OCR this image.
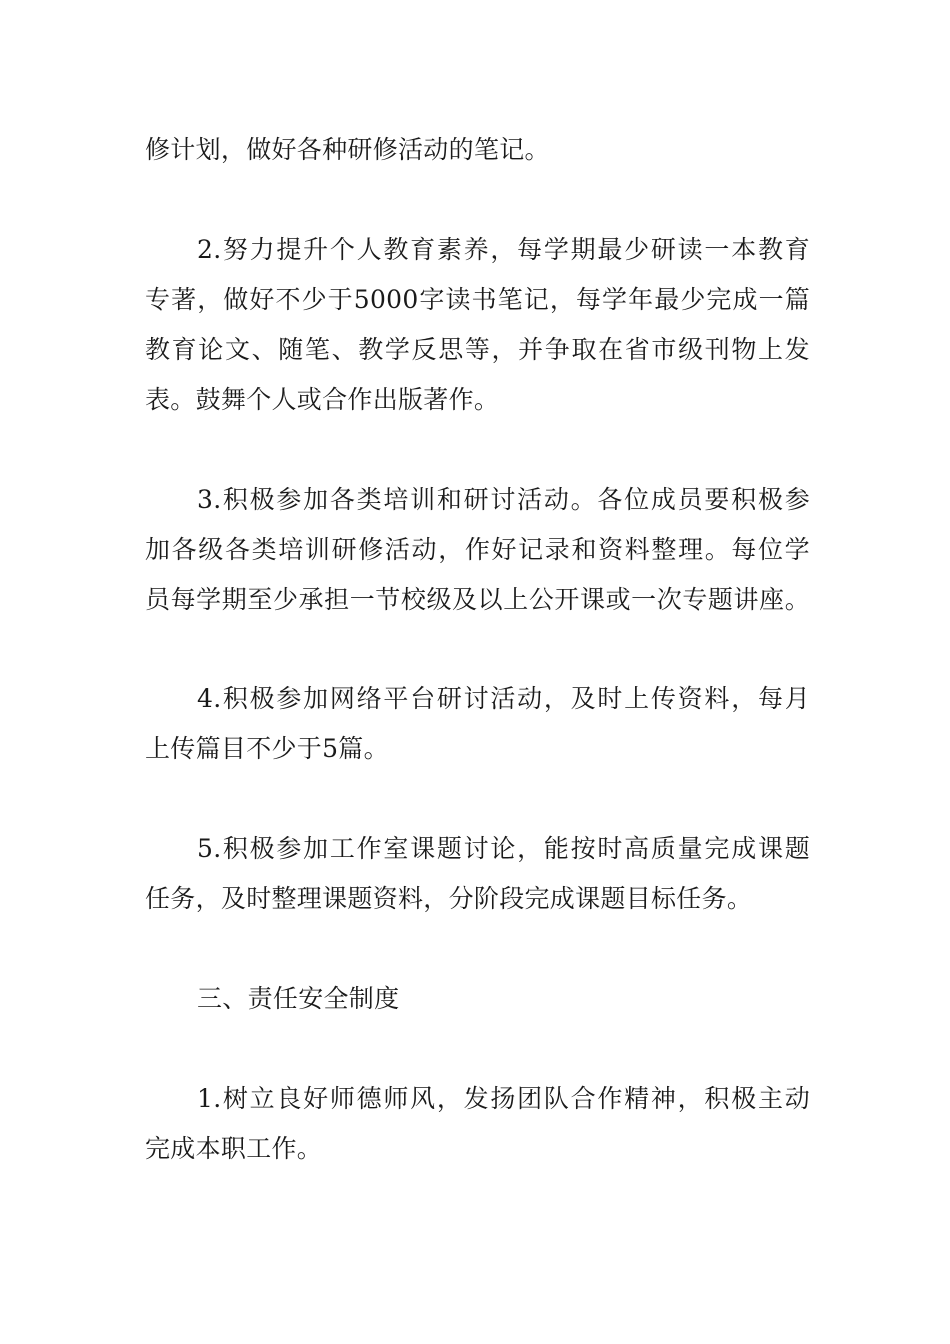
修计划，做好各种研修活动的笔记。
2.努力提升个人教育素养，每学期最少研读一本教育
专著，做好不少于5000字读书笔记，每学年最少完成一篇
教育论文、随笔、教学反思等，并争取在省市级刊物上发
表。鼓舞个人或合作出版著作。
3.积极参加各类培训和研讨活动。各位成员要积极参
加各级各类培训研修活动，作好记录和资料整理。每位学
员每学期至少承担一节校级及以上公开课或一次专题讲座。
4.积极参加网络平台研讨活动，及时上传资料，每月
上传篇目不少于5篇。
5.积极参加工作室课题讨论，能按时高质量完成课题
任务，及时整理课题资料，分阶段完成课题目标任务。
三、责任安全制度
1.树立良好师德师风，发扬团队合作精神，积极主动
完成本职工作。
